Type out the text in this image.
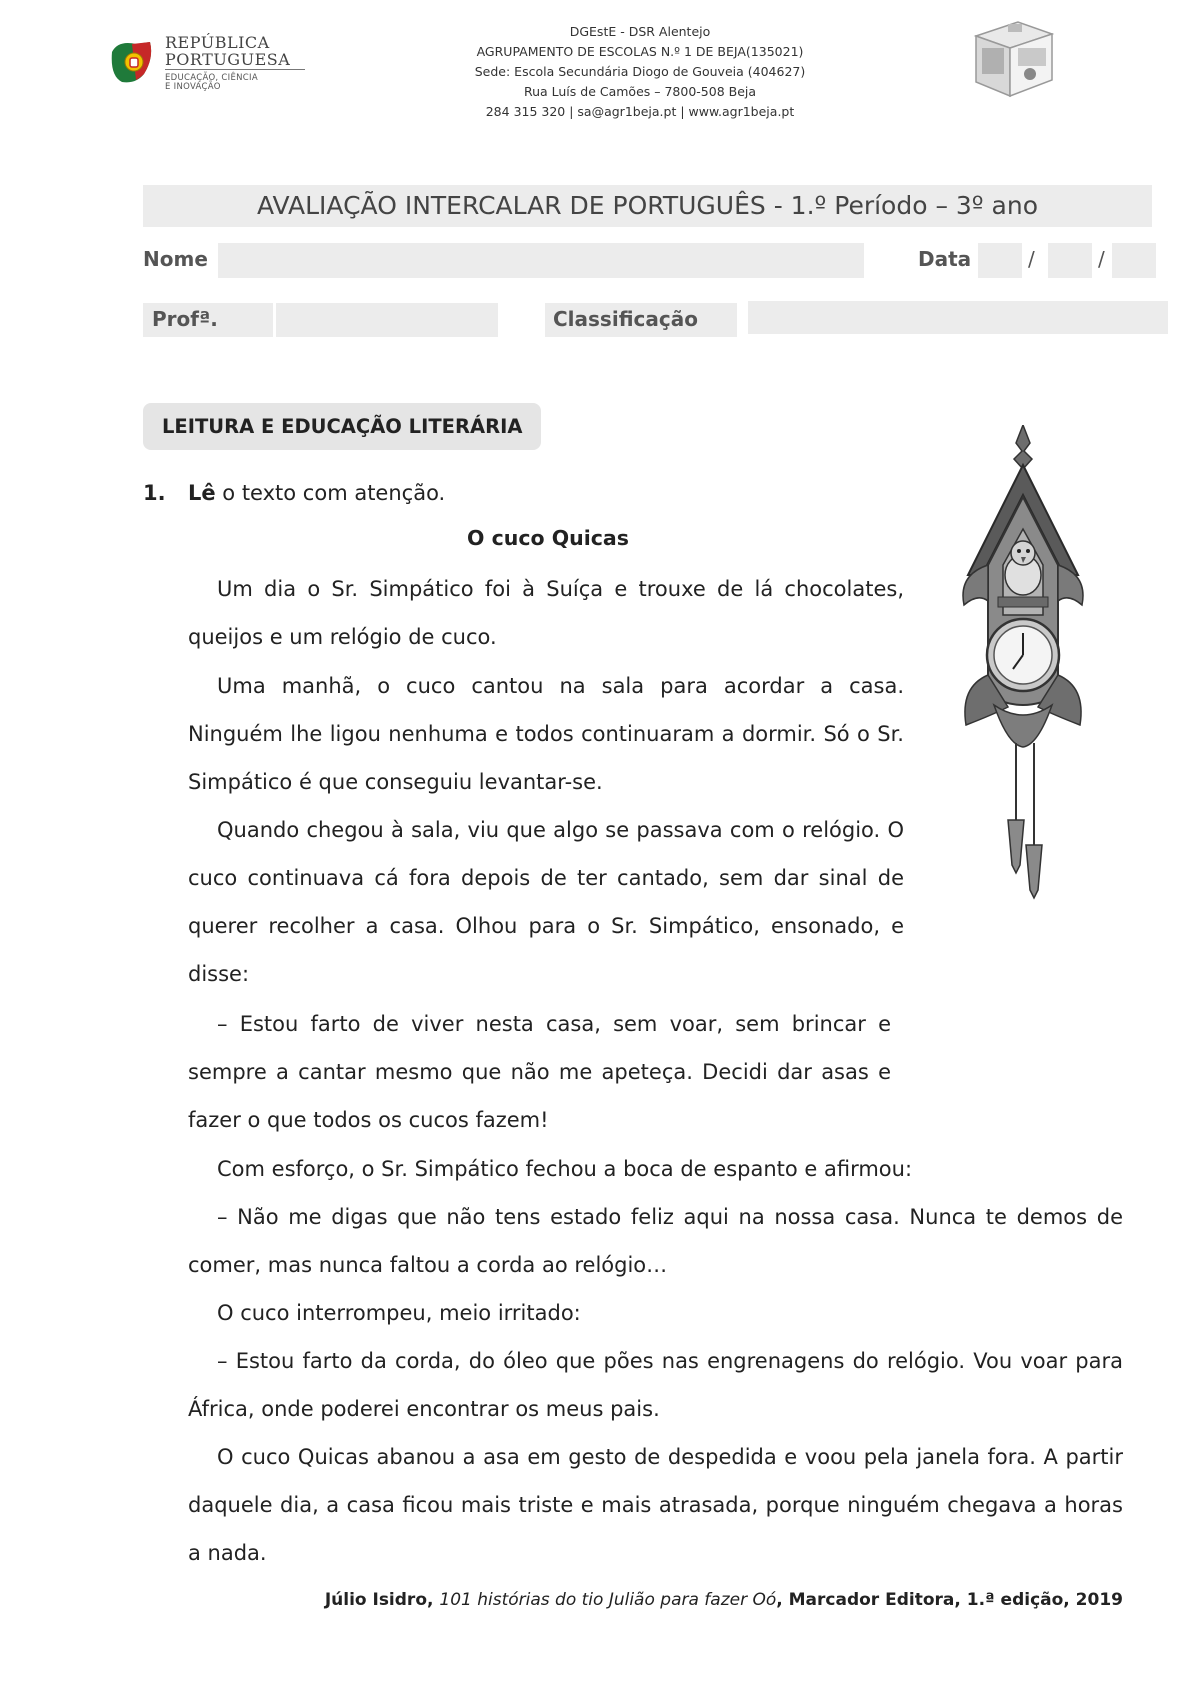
REPÚBLICA
PORTUGUESA
EDUCAÇÃO, CIÊNCIA
E INOVAÇÃO
DGEstE - DSR Alentejo
AGRUPAMENTO DE ESCOLAS N.º 1 DE BEJA(135021)
Sede: Escola Secundária Diogo de Gouveia (404627)
Rua Luís de Camões – 7800-508 Beja
284 315 320 | sa@agr1beja.pt | www.agr1beja.pt
AVALIAÇÃO INTERCALAR DE PORTUGUÊS - 1.º Período – 3º ano
Nome	Data	/	/
Profª.	Classificação
LEITURA E EDUCAÇÃO LITERÁRIA
1. Lê o texto com atenção.
O cuco Quicas

Um dia o Sr. Simpático foi à Suíça e trouxe de lá chocolates, queijos e um relógio de cuco.

Uma manhã, o cuco cantou na sala para acordar a casa. Ninguém lhe ligou nenhuma e todos continuaram a dormir. Só o Sr. Simpático é que conseguiu levantar-se.

Quando chegou à sala, viu que algo se passava com o relógio. O cuco continuava cá fora depois de ter cantado, sem dar sinal de querer recolher a casa. Olhou para o Sr. Simpático, ensonado, e disse:

– Estou farto de viver nesta casa, sem voar, sem brincar e sempre a cantar mesmo que não me apeteça. Decidi dar asas e fazer o que todos os cucos fazem!

Com esforço, o Sr. Simpático fechou a boca de espanto e afirmou:

– Não me digas que não tens estado feliz aqui na nossa casa. Nunca te demos de comer, mas nunca faltou a corda ao relógio…

O cuco interrompeu, meio irritado:

– Estou farto da corda, do óleo que pões nas engrenagens do relógio. Vou voar para África, onde poderei encontrar os meus pais.

O cuco Quicas abanou a asa em gesto de despedida e voou pela janela fora. A partir daquele dia, a casa ficou mais triste e mais atrasada, porque ninguém chegava a horas a nada.

Júlio Isidro, 101 histórias do tio Julião para fazer Oó, Marcador Editora, 1.ª edição, 2019
